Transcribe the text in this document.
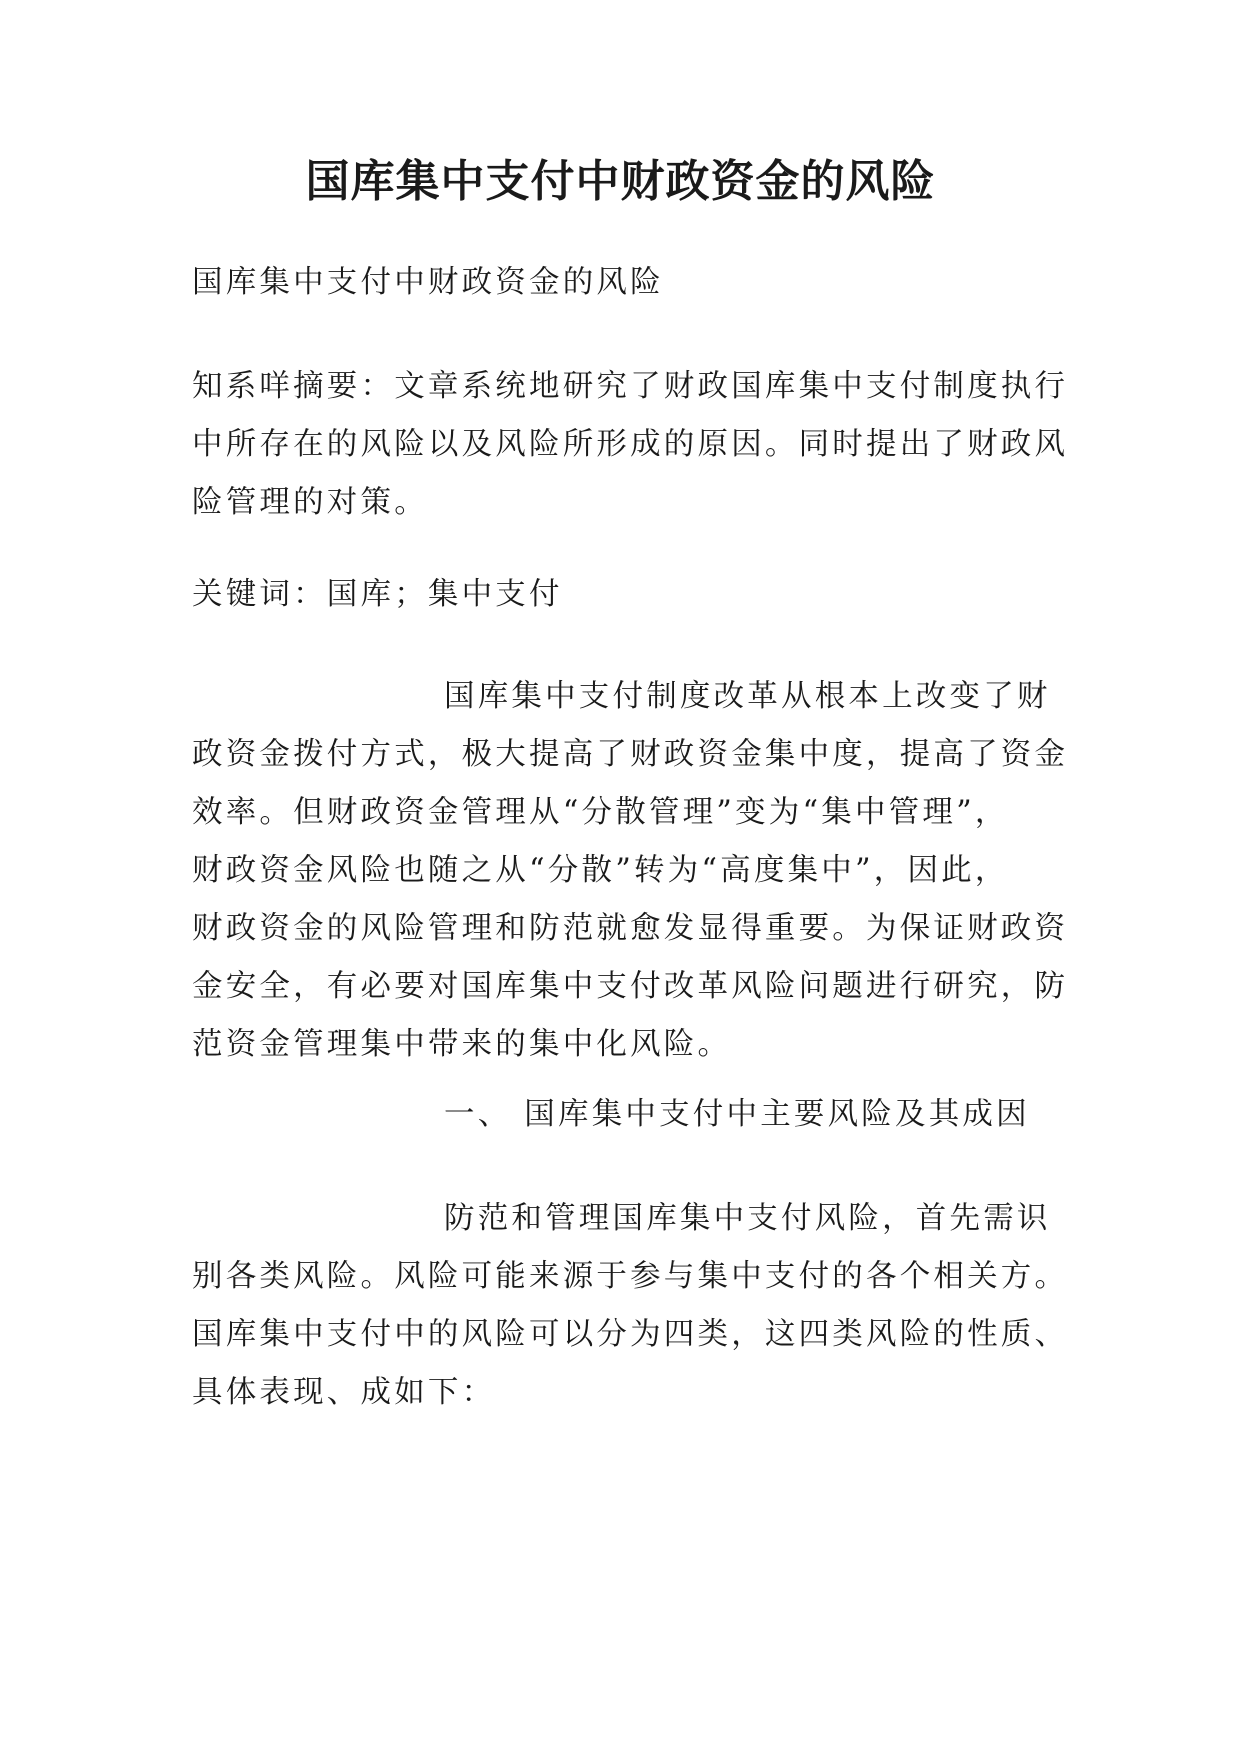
国库集中支付中财政资金的风险
国库集中支付中财政资金的风险
知系咩摘要：文章系统地研究了财政国库集中支付制度执行
中所存在的风险以及风险所形成的原因。同时提出了财政风
险管理的对策。
关键词：国库；集中支付
国库集中支付制度改革从根本上改变了财
政资金拨付方式，极大提高了财政资金集中度，提高了资金
效率。但财政资金管理从“分散管理”变为“集中管理”，
财政资金风险也随之从“分散”转为“高度集中”，因此，
财政资金的风险管理和防范就愈发显得重要。为保证财政资
金安全，有必要对国库集中支付改革风险问题进行研究，防
范资金管理集中带来的集中化风险。
一、 国库集中支付中主要风险及其成因
防范和管理国库集中支付风险，首先需识
别各类风险。风险可能来源于参与集中支付的各个相关方。
国库集中支付中的风险可以分为四类，这四类风险的性质、
具体表现、成如下：
